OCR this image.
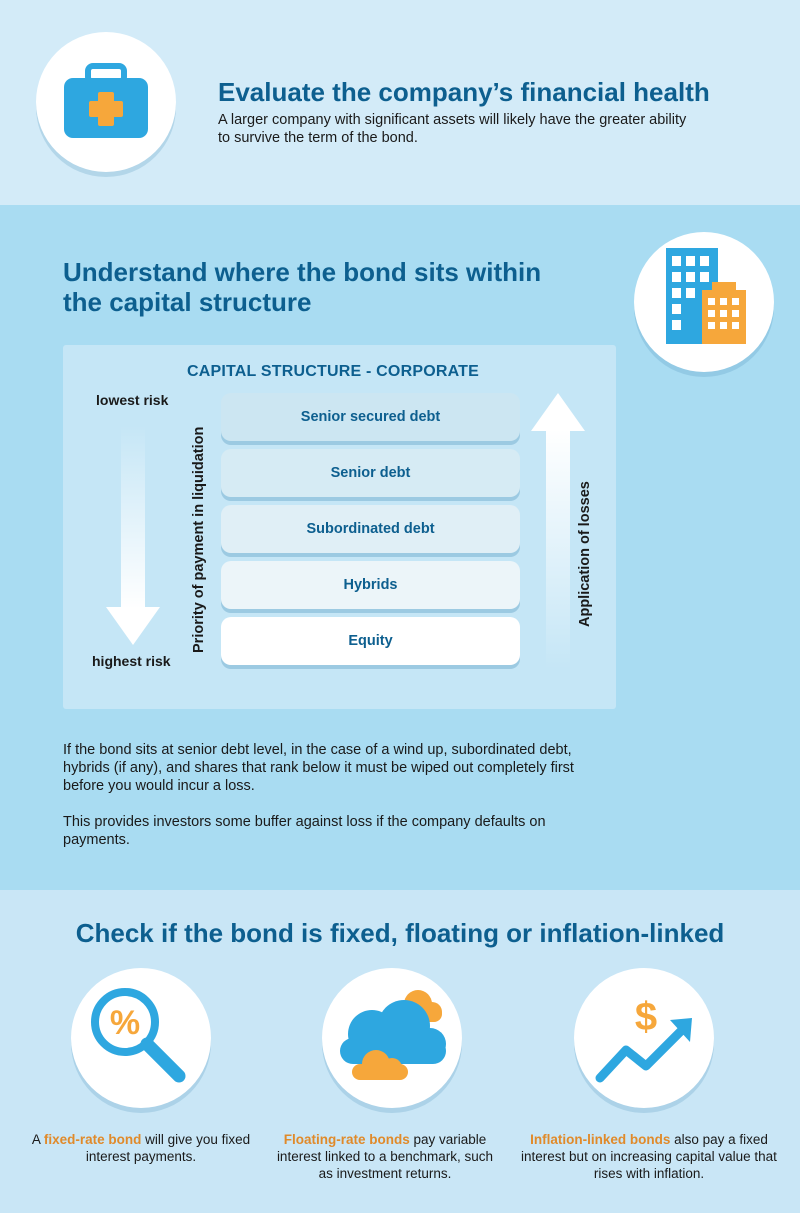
Evaluate the company’s financial health
A larger company with significant assets will likely have the greater ability to survive the term of the bond.
Understand where the bond sits within
the capital structure
CAPITAL STRUCTURE - CORPORATE
lowest risk
highest risk
Priority of payment in liquidation
Senior secured debt
Senior debt
Subordinated debt
Hybrids
Equity
Application of losses
If the bond sits at senior debt level, in the case of a wind up, subordinated debt, hybrids (if any), and shares that rank below it must be wiped out completely first before you would incur a loss.
This provides investors some buffer against loss if the company defaults on payments.
Check if the bond is fixed, floating or inflation-linked
%	$
A fixed-rate bond will give you fixed interest payments.
Floating-rate bonds pay variable interest linked to a benchmark, such as investment returns.
Inflation-linked bonds also pay a fixed interest but on increasing capital value that rises with inflation.
